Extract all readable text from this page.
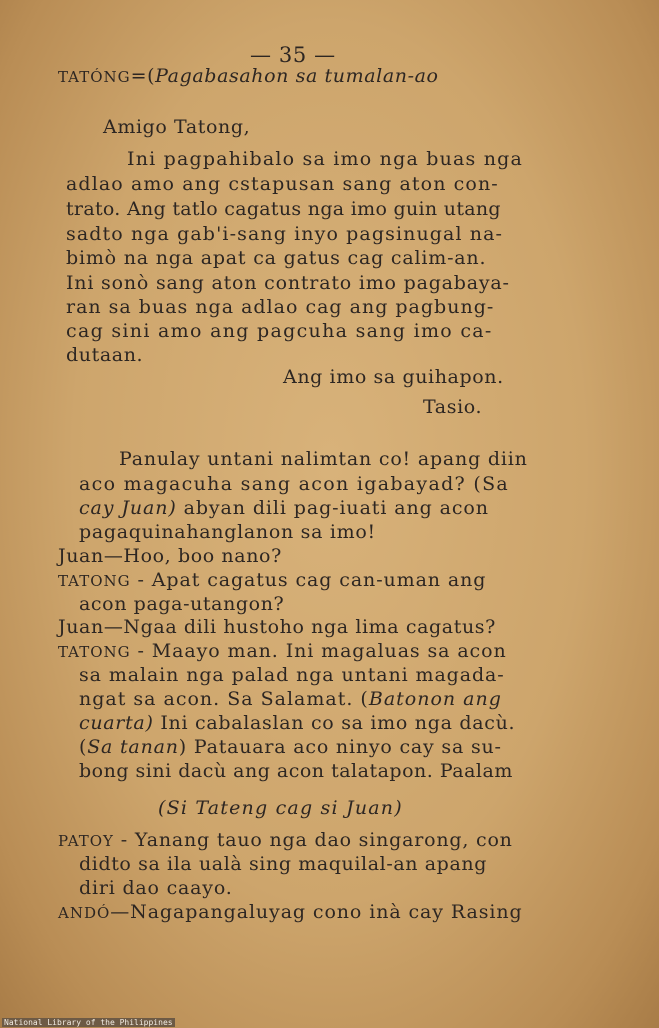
— 35 —
TATÓNG=(Pagabasahon sa tumalan-ao
Amigo Tatong,
Ini pagpahibalo sa imo nga buas nga
adlao amo ang cstapusan sang aton con-
trato. Ang tatlo cagatus nga imo guin utang
sadto nga gab'i-sang inyo pagsinugal na-
bimò na nga apat ca gatus cag calim-an.
Ini sonò sang aton contrato imo pagabaya-
ran sa buas nga adlao cag ang pagbung-
cag sini amo ang pagcuha sang imo ca-
dutaan.
Ang imo sa guihapon.
Tasio.
Panulay untani nalimtan co! apang diin
aco magacuha sang acon igabayad? (Sa
cay Juan) abyan dili pag-iuati ang acon
pagaquinahanglanon sa imo!
Juan—Hoo, boo nano?
TATONG - Apat cagatus cag can-uman ang
acon paga-utangon?
Juan—Ngaa dili hustoho nga lima cagatus?
TATONG - Maayo man. Ini magaluas sa acon
sa malain nga palad nga untani magada-
ngat sa acon. Sa Salamat. (Batonon ang
cuarta) Ini cabalaslan co sa imo nga dacù.
(Sa tanan) Patauara aco ninyo cay sa su-
bong sini dacù ang acon talatapon. Paalam
(Si Tateng cag si Juan)
PATOY - Yanang tauo nga dao singarong, con
didto sa ila ualà sing maquilal-an apang
diri dao caayo.
ANDÓ—Nagapangaluyag cono inà cay Rasing
National Library of the Philippines
